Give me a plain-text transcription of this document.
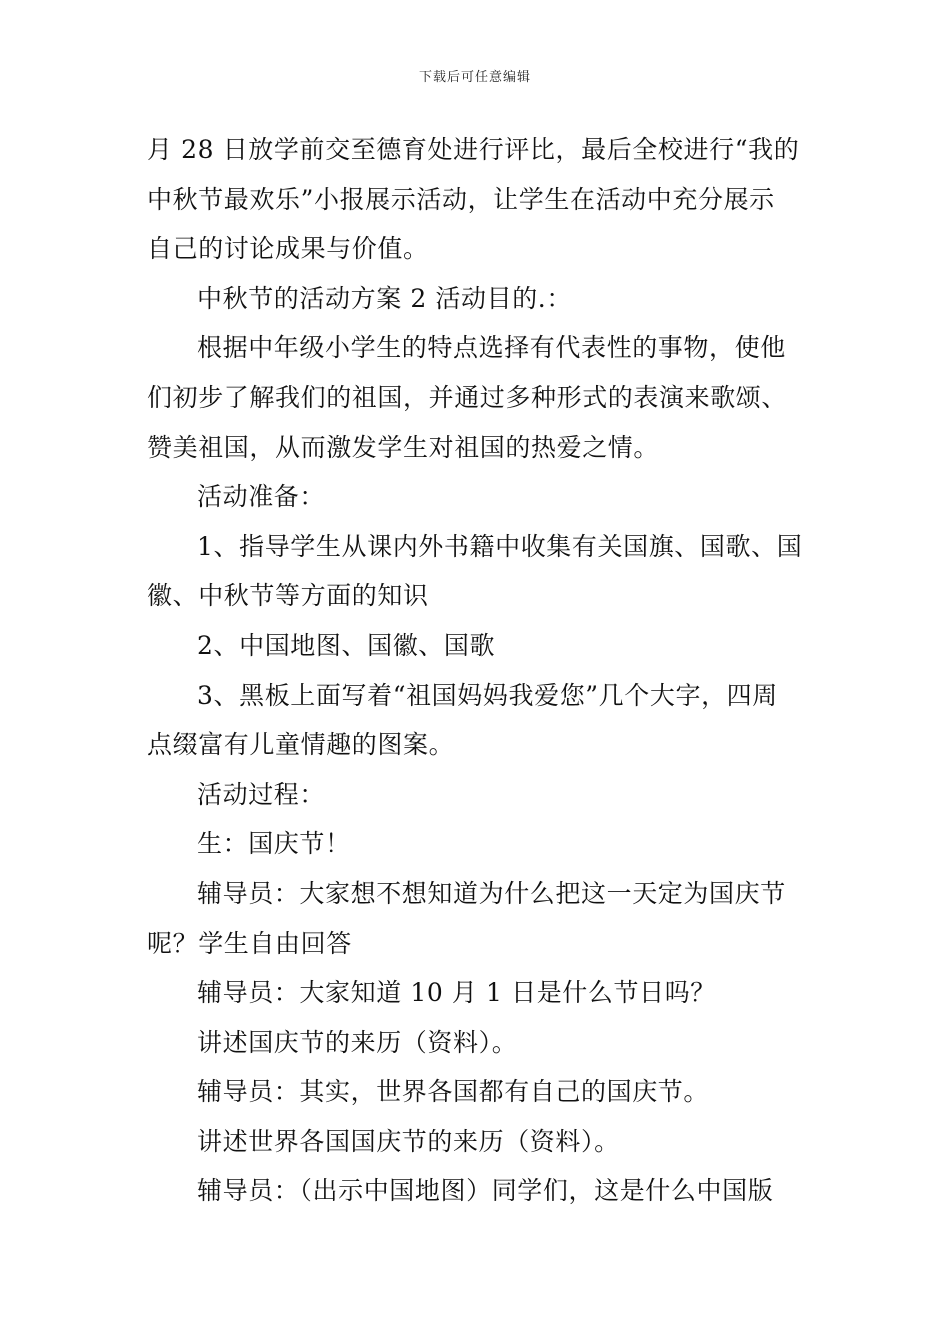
下载后可任意编辑
月 28 日放学前交至德育处进行评比，最后全校进行“我的
中秋节最欢乐”小报展示活动，让学生在活动中充分展示
自己的讨论成果与价值。
中秋节的活动方案 2 活动目的.：
根据中年级小学生的特点选择有代表性的事物，使他
们初步了解我们的祖国，并通过多种形式的表演来歌颂、
赞美祖国，从而激发学生对祖国的热爱之情。
活动准备：
1、指导学生从课内外书籍中收集有关国旗、国歌、国
徽、中秋节等方面的知识
2、中国地图、国徽、国歌
3、黑板上面写着“祖国妈妈我爱您”几个大字，四周
点缀富有儿童情趣的图案。
活动过程：
生：国庆节！
辅导员：大家想不想知道为什么把这一天定为国庆节
呢？学生自由回答
辅导员：大家知道 10 月 1 日是什么节日吗？
讲述国庆节的来历（资料）。
辅导员：其实，世界各国都有自己的国庆节。
讲述世界各国国庆节的来历（资料）。
辅导员：（出示中国地图）同学们，这是什么中国版
